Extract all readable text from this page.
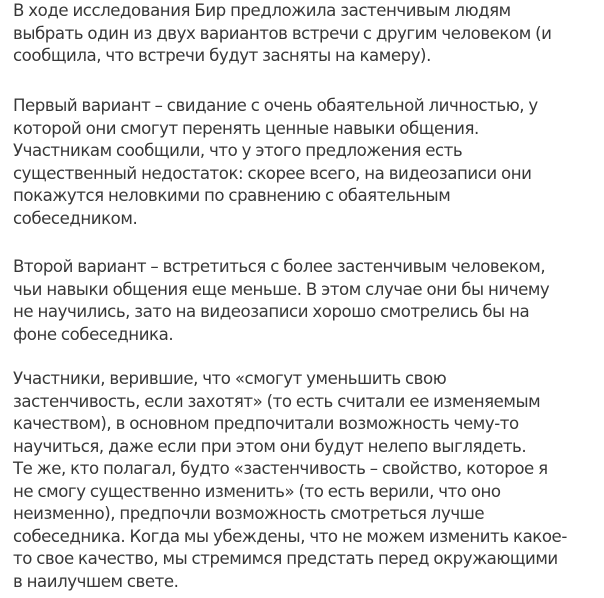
В ходе исследования Бир предложила застенчивым людям
выбрать один из двух вариантов встречи с другим человеком (и
сообщила, что встречи будут засняты на камеру).

Первый вариант – свидание с очень обаятельной личностью, у
которой они смогут перенять ценные навыки общения.
Участникам сообщили, что у этого предложения есть
существенный недостаток: скорее всего, на видеозаписи они
покажутся неловкими по сравнению с обаятельным
собеседником.

Второй вариант – встретиться с более застенчивым человеком,
чьи навыки общения еще меньше. В этом случае они бы ничему
не научились, зато на видеозаписи хорошо смотрелись бы на
фоне собеседника.

Участники, верившие, что «смогут уменьшить свою
застенчивость, если захотят» (то есть считали ее изменяемым
качеством), в основном предпочитали возможность чему-то
научиться, даже если при этом они будут нелепо выглядеть.
Те же, кто полагал, будто «застенчивость – свойство, которое я
не смогу существенно изменить» (то есть верили, что оно
неизменно), предпочли возможность смотреться лучше
собеседника. Когда мы убеждены, что не можем изменить какое-
то свое качество, мы стремимся предстать перед окружающими
в наилучшем свете.
